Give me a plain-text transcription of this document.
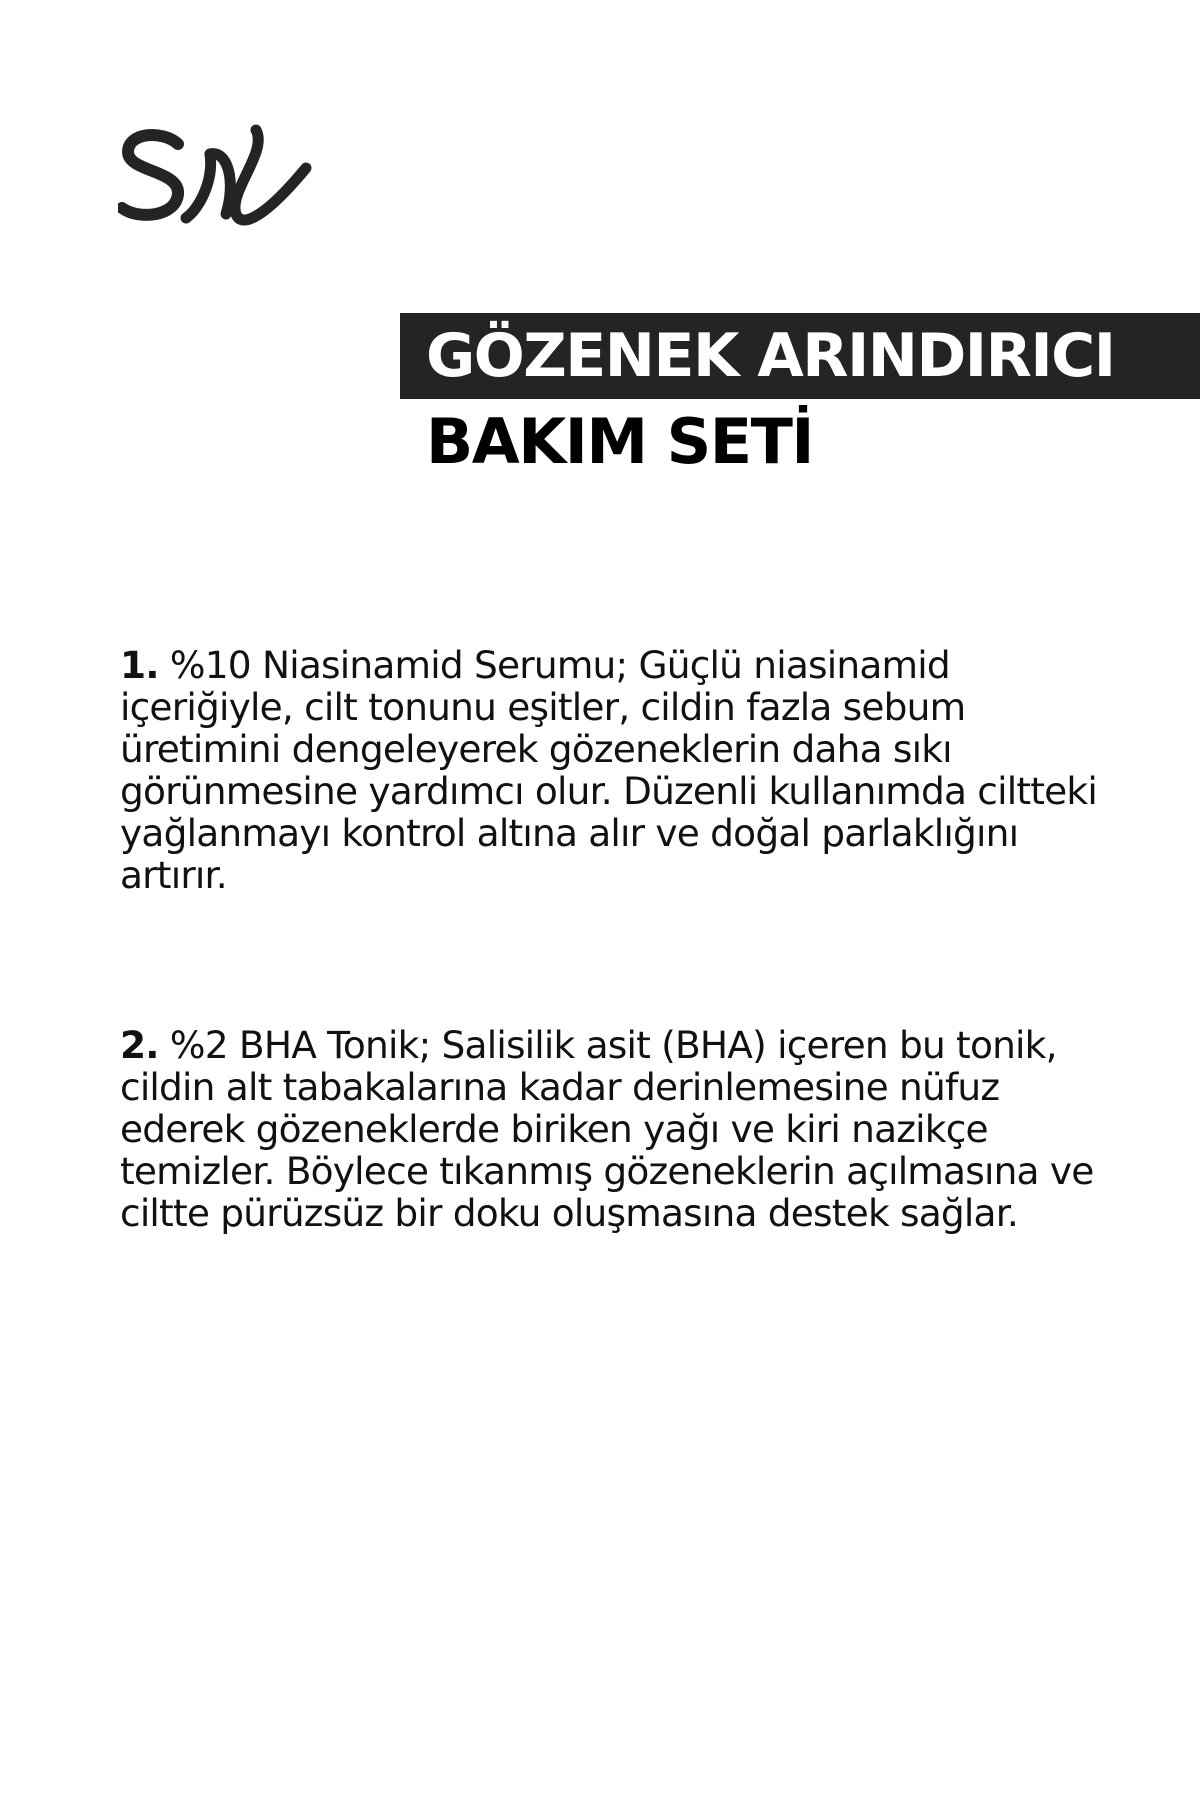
GÖZENEK ARINDIRICI
BAKIM SETİ

1. %10 Niasinamid Serumu; Güçlü niasinamid içeriğiyle, cilt tonunu eşitler, cildin fazla sebum üretimini dengeleyerek gözeneklerin daha sıkı görünmesine yardımcı olur. Düzenli kullanımda ciltteki yağlanmayı kontrol altına alır ve doğal parlaklığını artırır.

2. %2 BHA Tonik; Salisilik asit (BHA) içeren bu tonik, cildin alt tabakalarına kadar derinlemesine nüfuz ederek gözeneklerde biriken yağı ve kiri nazikçe temizler. Böylece tıkanmış gözeneklerin açılmasına ve ciltte pürüzsüz bir doku oluşmasına destek sağlar.
